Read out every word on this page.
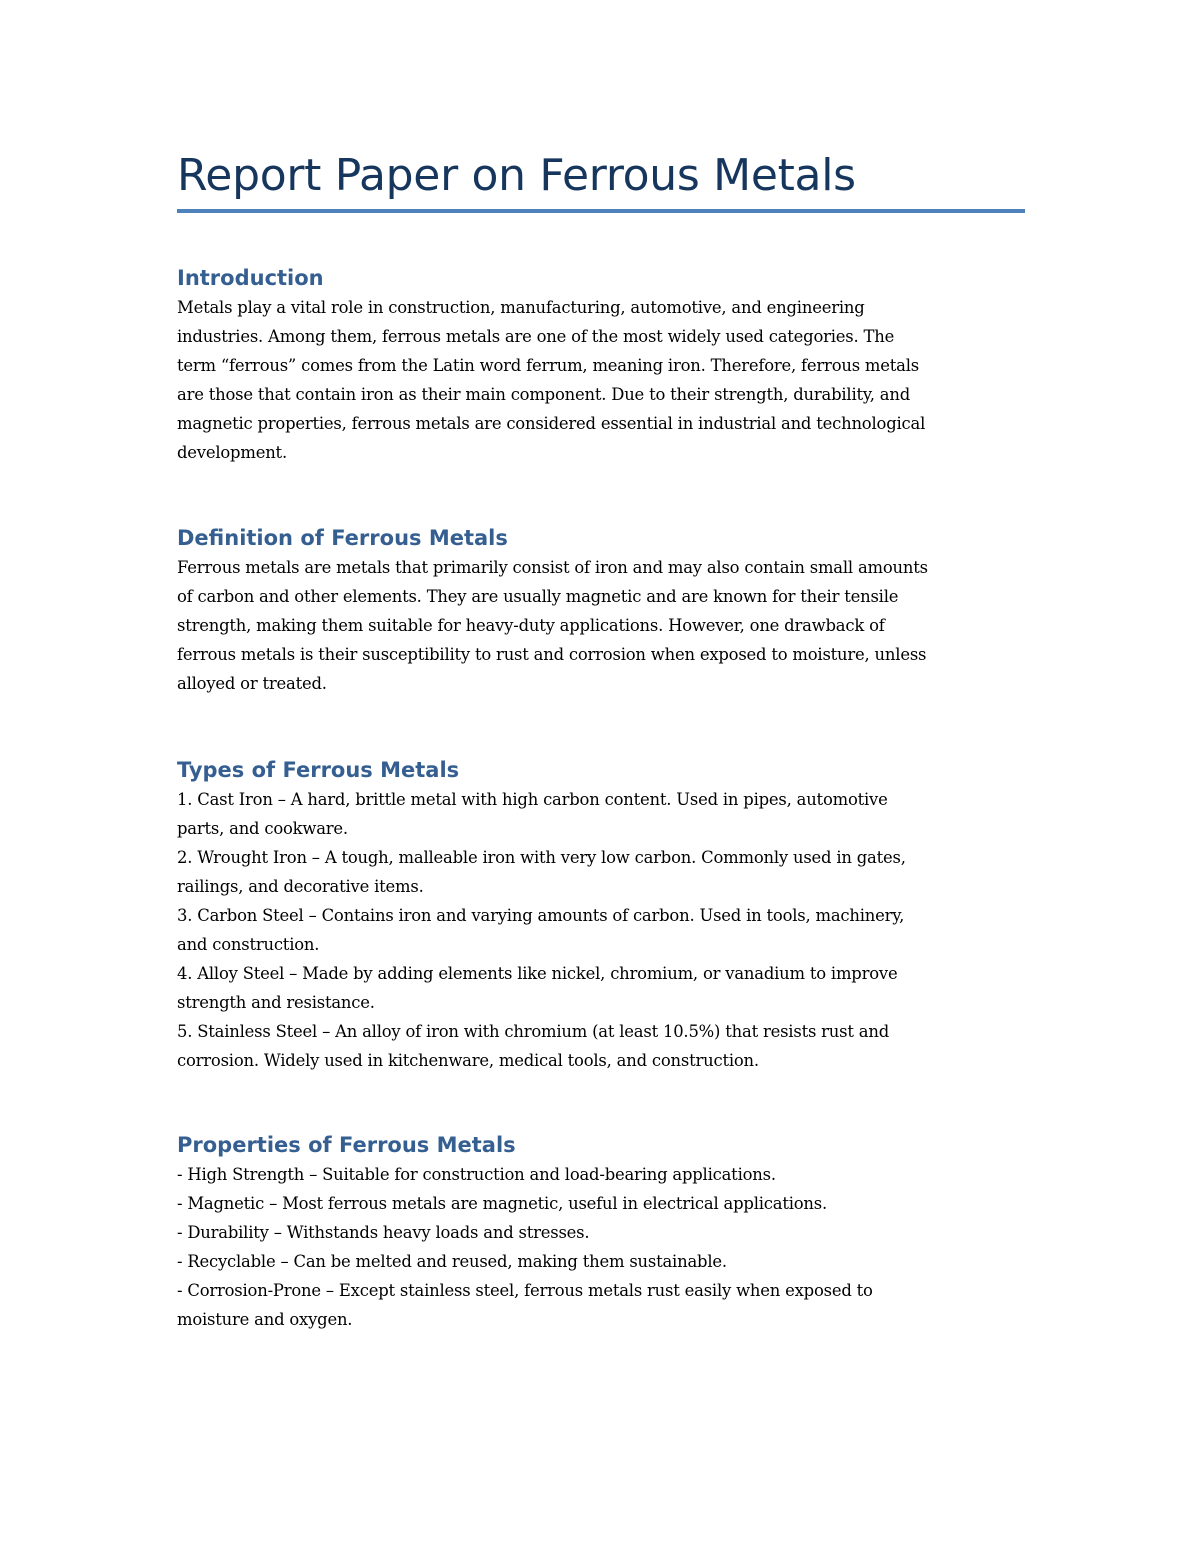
Report Paper on Ferrous Metals
Introduction

Metals play a vital role in construction, manufacturing, automotive, and engineering
industries. Among them, ferrous metals are one of the most widely used categories. The
term “ferrous” comes from the Latin word ferrum, meaning iron. Therefore, ferrous metals
are those that contain iron as their main component. Due to their strength, durability, and
magnetic properties, ferrous metals are considered essential in industrial and technological
development.

Definition of Ferrous Metals

Ferrous metals are metals that primarily consist of iron and may also contain small amounts
of carbon and other elements. They are usually magnetic and are known for their tensile
strength, making them suitable for heavy-duty applications. However, one drawback of
ferrous metals is their susceptibility to rust and corrosion when exposed to moisture, unless
alloyed or treated.

Types of Ferrous Metals

1. Cast Iron – A hard, brittle metal with high carbon content. Used in pipes, automotive
parts, and cookware.
2. Wrought Iron – A tough, malleable iron with very low carbon. Commonly used in gates,
railings, and decorative items.
3. Carbon Steel – Contains iron and varying amounts of carbon. Used in tools, machinery,
and construction.
4. Alloy Steel – Made by adding elements like nickel, chromium, or vanadium to improve
strength and resistance.
5. Stainless Steel – An alloy of iron with chromium (at least 10.5%) that resists rust and
corrosion. Widely used in kitchenware, medical tools, and construction.

Properties of Ferrous Metals

- High Strength – Suitable for construction and load-bearing applications.
- Magnetic – Most ferrous metals are magnetic, useful in electrical applications.
- Durability – Withstands heavy loads and stresses.
- Recyclable – Can be melted and reused, making them sustainable.
- Corrosion-Prone – Except stainless steel, ferrous metals rust easily when exposed to
moisture and oxygen.
